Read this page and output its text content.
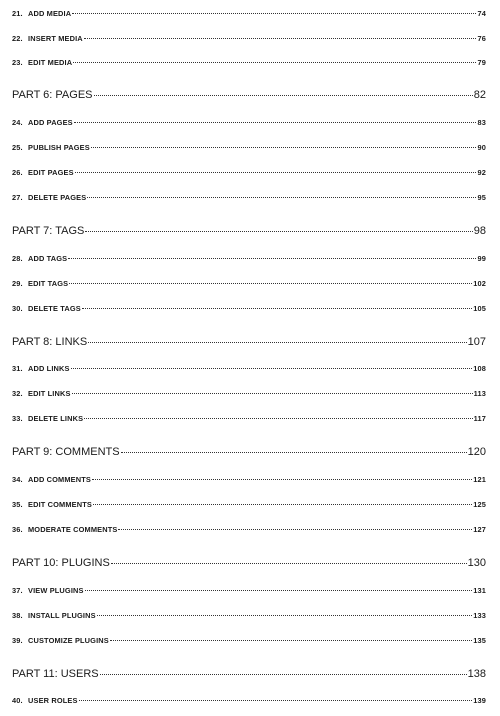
21. ADD MEDIA	74
22. INSERT MEDIA	76
23. EDIT MEDIA	79
PART 6: PAGES	82
24. ADD PAGES	83
25. PUBLISH PAGES	90
26. EDIT PAGES	92
27. DELETE PAGES	95
PART 7: TAGS	98
28. ADD TAGS	99
29. EDIT TAGS	102
30. DELETE TAGS	105
PART 8: LINKS	107
31. ADD LINKS	108
32. EDIT LINKS	113
33. DELETE LINKS	117
PART 9: COMMENTS	120
34. ADD COMMENTS	121
35. EDIT COMMENTS	125
36. MODERATE COMMENTS	127
PART 10: PLUGINS	130
37. VIEW PLUGINS	131
38. INSTALL PLUGINS	133
39. CUSTOMIZE PLUGINS	135
PART 11: USERS	138
40. USER ROLES	139
